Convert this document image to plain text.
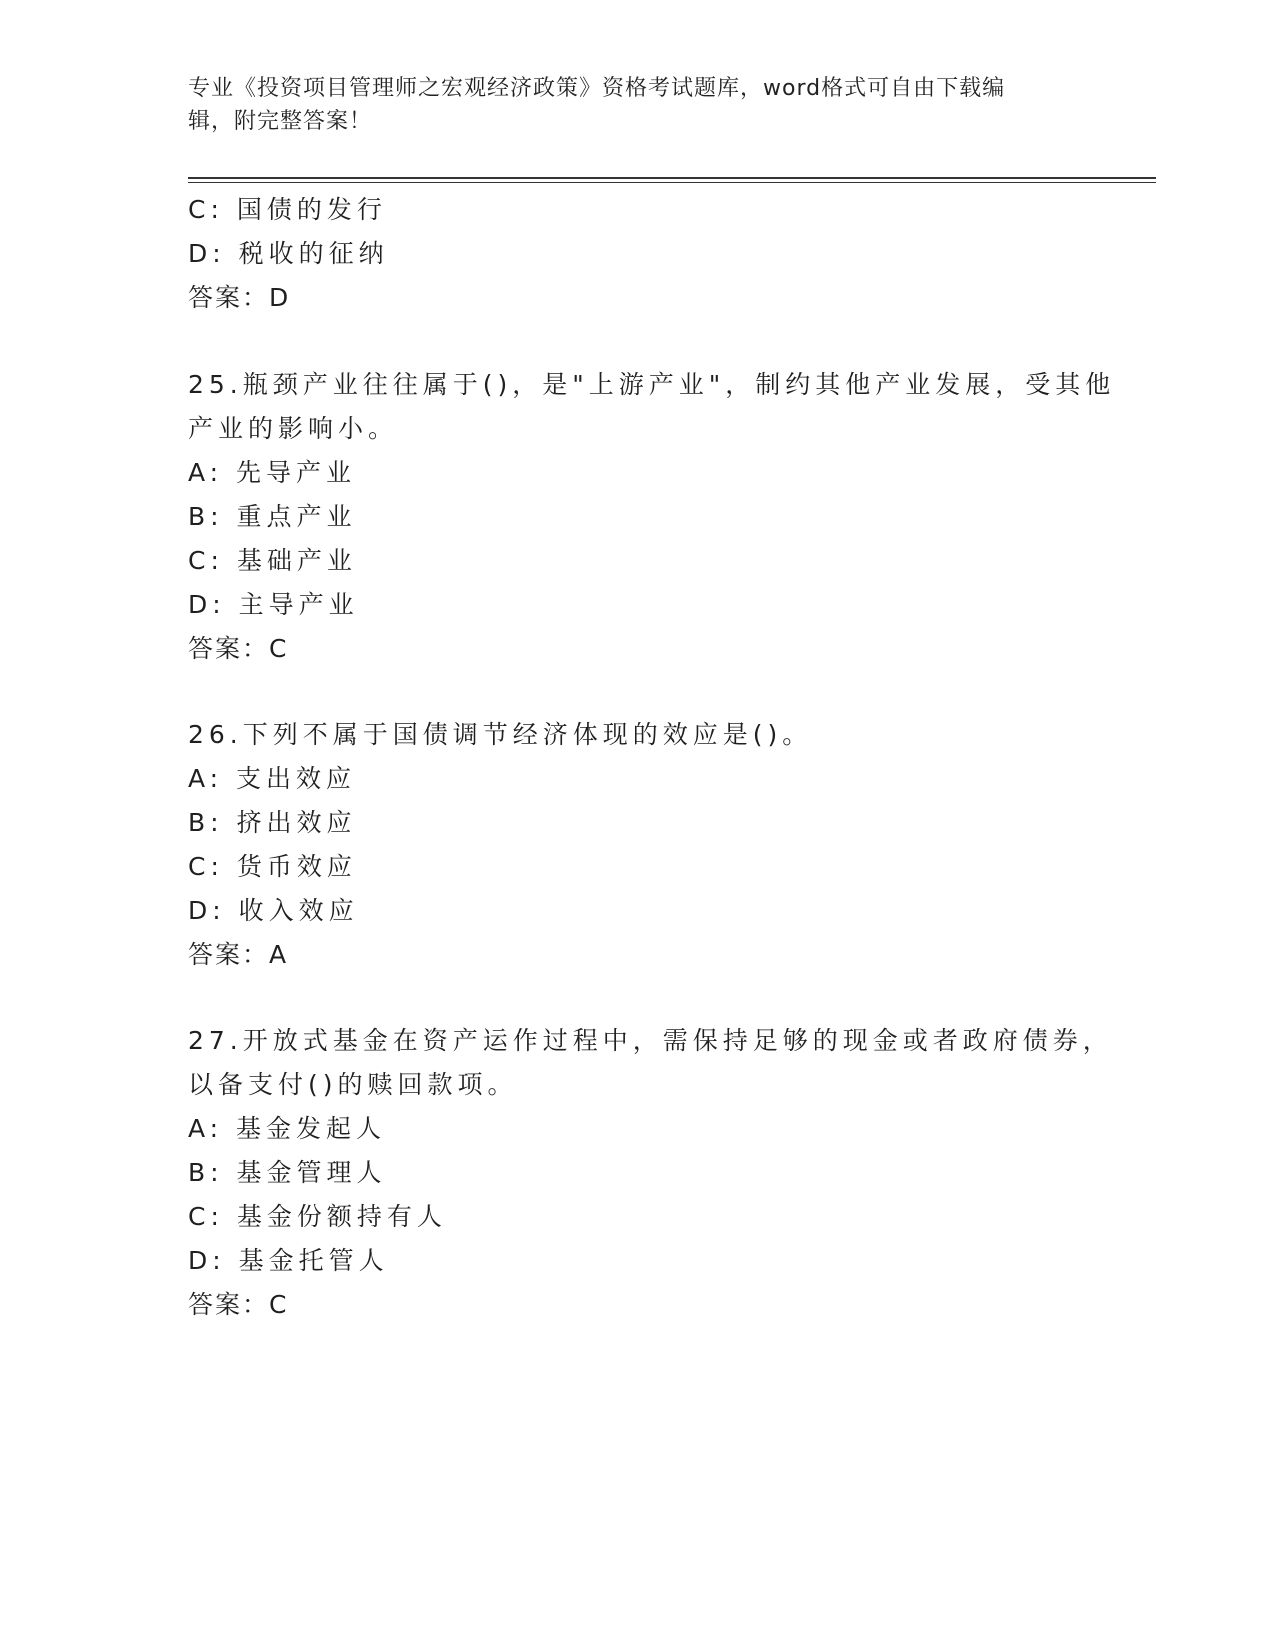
专业《投资项目管理师之宏观经济政策》资格考试题库，word格式可自由下载编
辑，附完整答案！
C: 国债的发行
D: 税收的征纳
答案：D
25.瓶颈产业往往属于()，是"上游产业"，制约其他产业发展，受其他
产业的影响小。
A: 先导产业
B: 重点产业
C: 基础产业
D: 主导产业
答案：C
26.下列不属于国债调节经济体现的效应是()。
A: 支出效应
B: 挤出效应
C: 货币效应
D: 收入效应
答案：A
27.开放式基金在资产运作过程中，需保持足够的现金或者政府债券，
以备支付()的赎回款项。
A: 基金发起人
B: 基金管理人
C: 基金份额持有人
D: 基金托管人
答案：C
